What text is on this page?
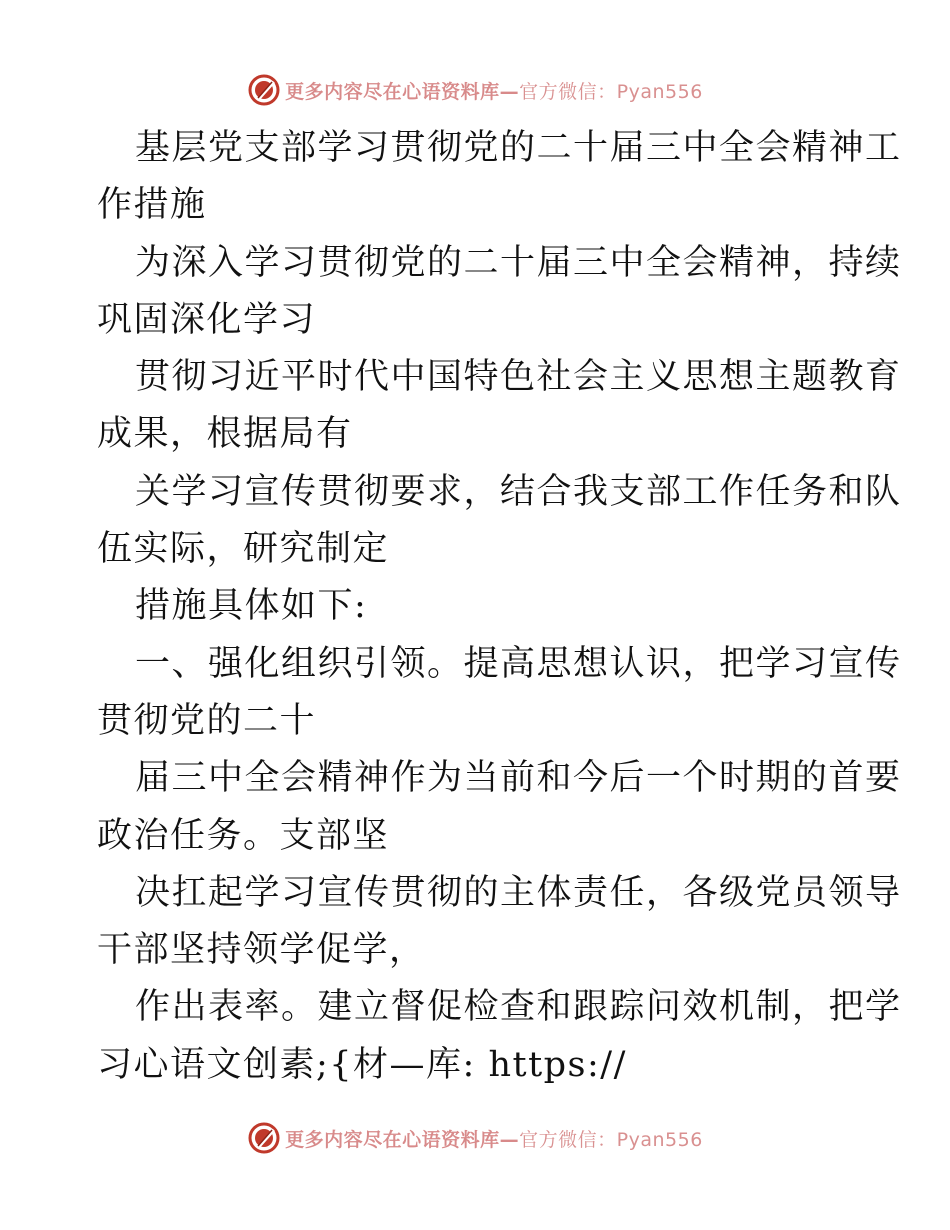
更多内容尽在心语资料库—官方微信：Pyan556
基层党支部学习贯彻党的二十届三中全会精神工
作措施
为深入学习贯彻党的二十届三中全会精神，持续
巩固深化学习
贯彻习近平时代中国特色社会主义思想主题教育
成果，根据局有
关学习宣传贯彻要求，结合我支部工作任务和队
伍实际，研究制定
措施具体如下:
一、强化组织引领。提高思想认识，把学习宣传
贯彻党的二十
届三中全会精神作为当前和今后一个时期的首要
政治任务。支部坚
决扛起学习宣传贯彻的主体责任，各级党员领导
干部坚持领学促学，
作出表率。建立督促检查和跟踪问效机制，把学
习心语文创素;{材—库: https://
更多内容尽在心语资料库—官方微信：Pyan556
